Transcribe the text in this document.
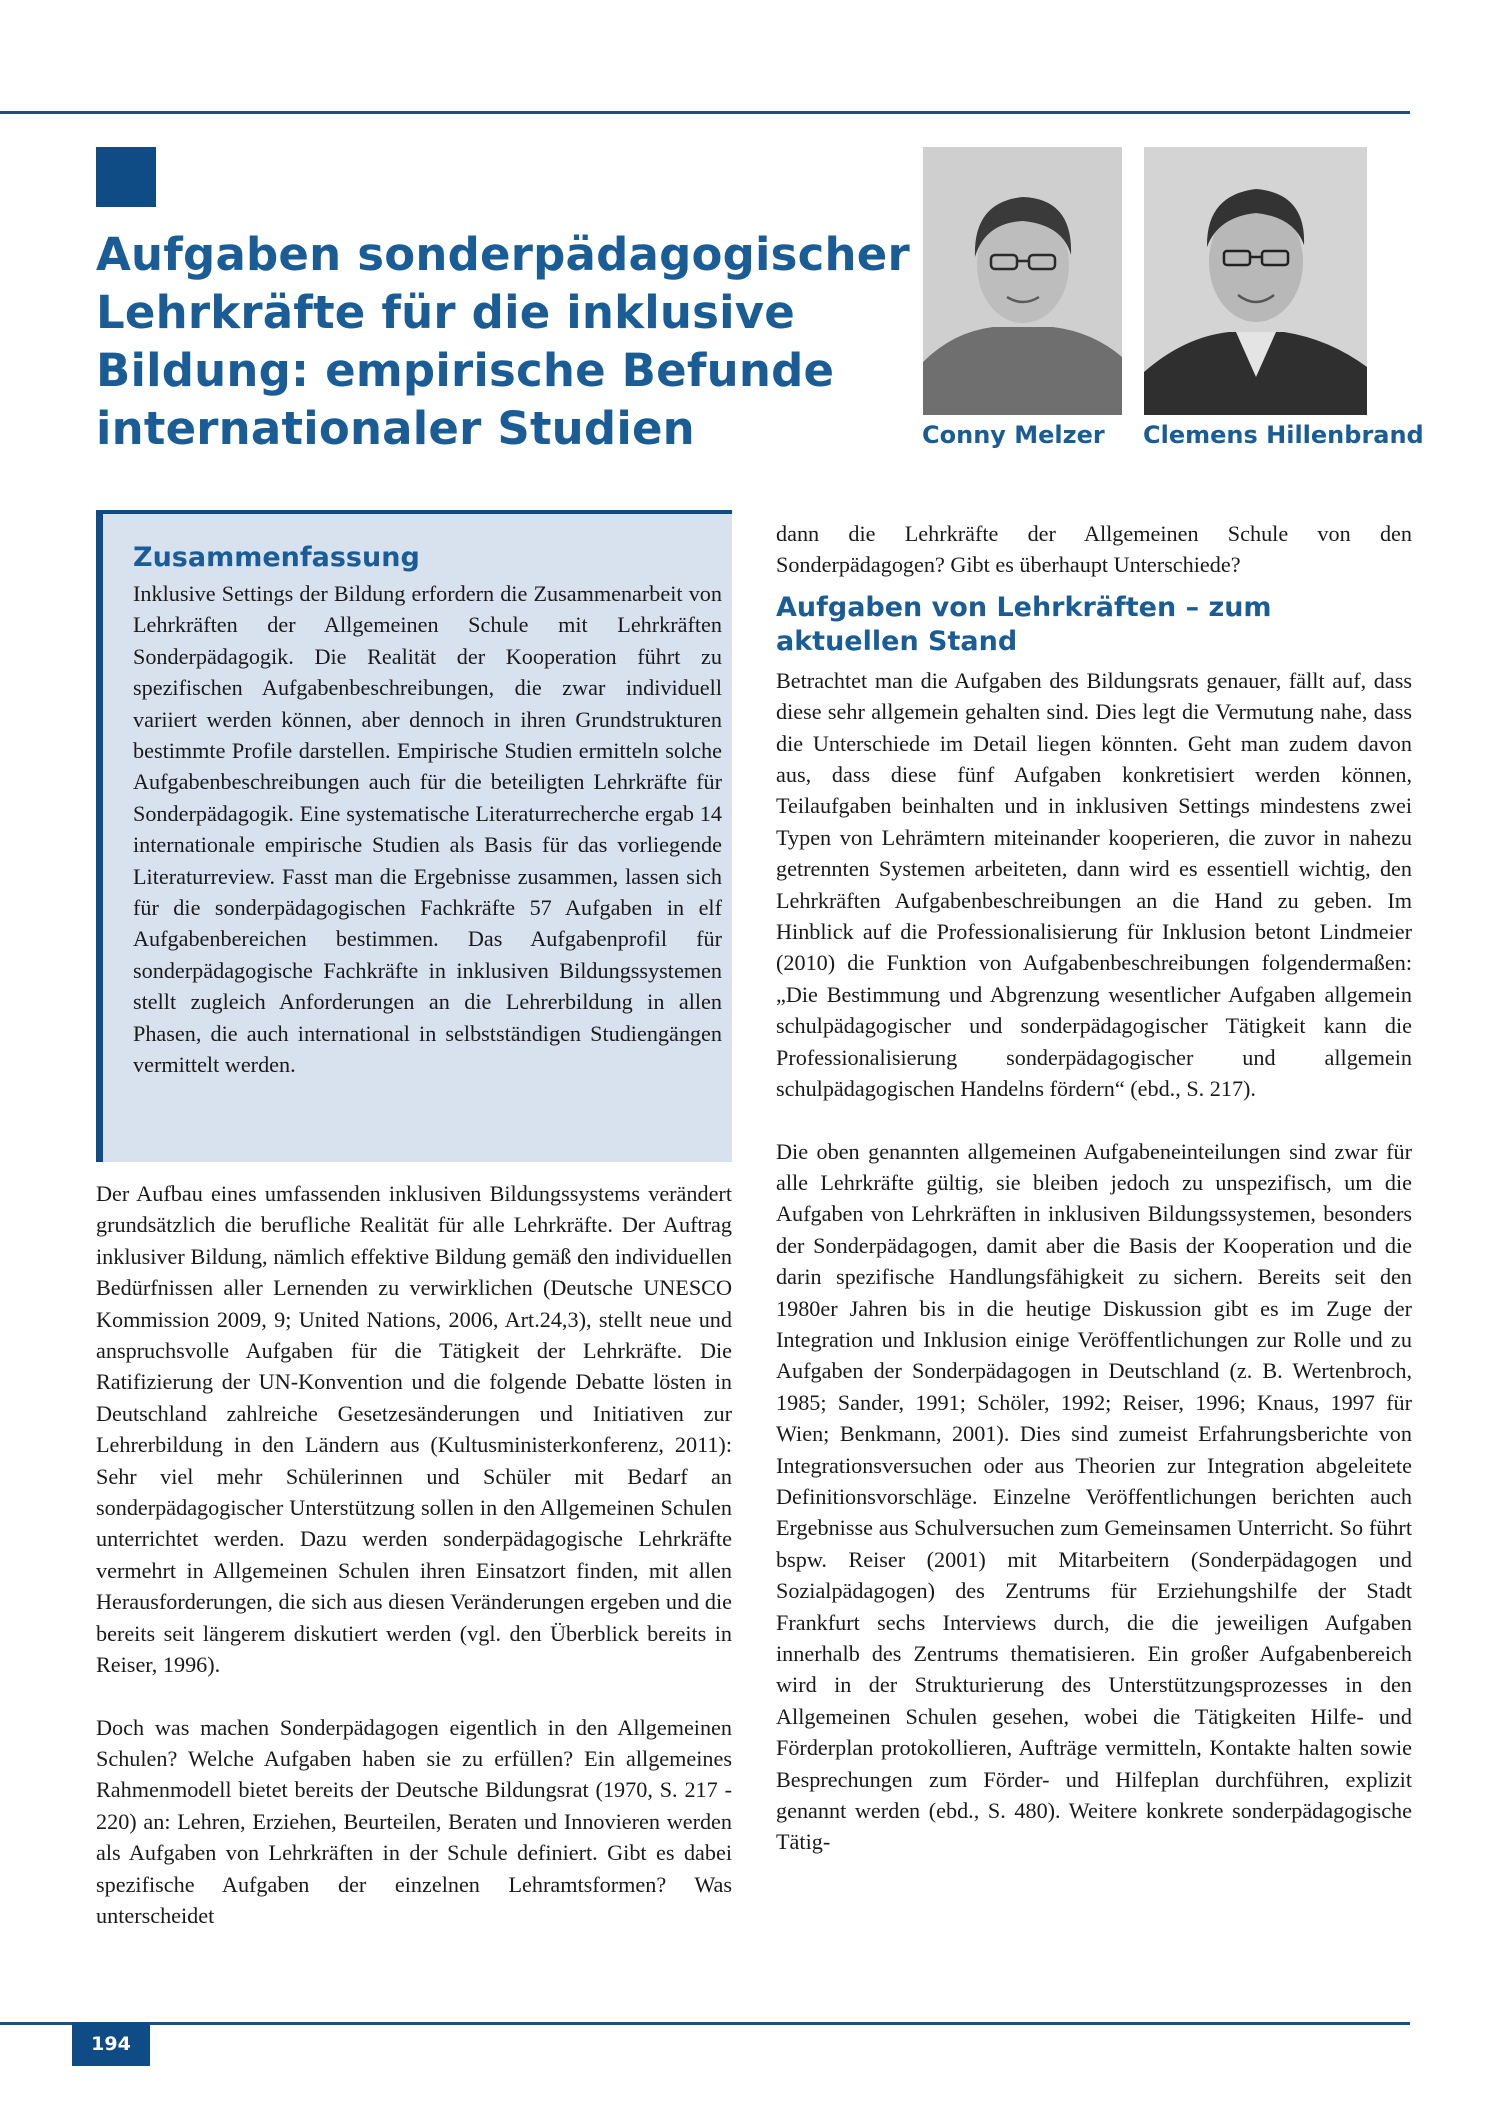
Aufgaben sonderpädagogischer Lehrkräfte für die inklusive Bildung: empirische Befunde internationaler Studien	Conny Melzer Clemens Hillenbrand

Zusammenfassung

Inklusive Settings der Bildung erfordern die Zusammenarbeit von Lehrkräften der Allgemeinen Schule mit Lehrkräften Sonderpädagogik. Die Realität der Kooperation führt zu spezifischen Aufgabenbeschreibungen, die zwar individuell variiert werden können, aber dennoch in ihren Grundstrukturen bestimmte Profile darstellen. Empirische Studien ermitteln solche Aufgabenbeschreibungen auch für die beteiligten Lehrkräfte für Sonderpädagogik. Eine systematische Literaturrecherche ergab 14 internationale empirische Studien als Basis für das vorliegende Literaturreview. Fasst man die Ergebnisse zusammen, lassen sich für die sonderpädagogischen Fachkräfte 57 Aufgaben in elf Aufgabenbereichen bestimmen. Das Aufgabenprofil für sonderpädagogische Fachkräfte in inklusiven Bildungssystemen stellt zugleich Anforderungen an die Lehrerbildung in allen Phasen, die auch international in selbstständigen Studiengängen vermittelt werden.

Der Aufbau eines umfassenden inklusiven Bildungssystems verändert grundsätzlich die berufliche Realität für alle Lehrkräfte. Der Auftrag inklusiver Bildung, nämlich effektive Bildung gemäß den individuellen Bedürfnissen aller Lernenden zu verwirklichen (Deutsche UNESCO Kommission 2009, 9; United Nations, 2006, Art.24,3), stellt neue und anspruchsvolle Aufgaben für die Tätigkeit der Lehrkräfte. Die Ratifizierung der UN-Konvention und die folgende Debatte lösten in Deutschland zahlreiche Gesetzesänderungen und Initiativen zur Lehrerbildung in den Ländern aus (Kultusministerkonferenz, 2011): Sehr viel mehr Schülerinnen und Schüler mit Bedarf an sonderpädagogischer Unterstützung sollen in den Allgemeinen Schulen unterrichtet werden. Dazu werden sonderpädagogische Lehrkräfte vermehrt in Allgemeinen Schulen ihren Einsatzort finden, mit allen Herausforderungen, die sich aus diesen Veränderungen ergeben und die bereits seit längerem diskutiert werden (vgl. den Überblick bereits in Reiser, 1996).

Doch was machen Sonderpädagogen eigentlich in den Allgemeinen Schulen? Welche Aufgaben haben sie zu erfüllen? Ein allgemeines Rahmenmodell bietet bereits der Deutsche Bildungsrat (1970, S. 217 - 220) an: Lehren, Erziehen, Beurteilen, Beraten und Innovieren werden als Aufgaben von Lehrkräften in der Schule definiert. Gibt es dabei spezifische Aufgaben der einzelnen Lehramtsformen? Was unterscheidet

dann die Lehrkräfte der Allgemeinen Schule von den Sonderpädagogen? Gibt es überhaupt Unterschiede?

Aufgaben von Lehrkräften – zum aktuellen Stand

Betrachtet man die Aufgaben des Bildungsrats genauer, fällt auf, dass diese sehr allgemein gehalten sind. Dies legt die Vermutung nahe, dass die Unterschiede im Detail liegen könnten. Geht man zudem davon aus, dass diese fünf Aufgaben konkretisiert werden können, Teilaufgaben beinhalten und in inklusiven Settings mindestens zwei Typen von Lehrämtern miteinander kooperieren, die zuvor in nahezu getrennten Systemen arbeiteten, dann wird es essentiell wichtig, den Lehrkräften Aufgabenbeschreibungen an die Hand zu geben. Im Hinblick auf die Professionalisierung für Inklusion betont Lindmeier (2010) die Funktion von Aufgabenbeschreibungen folgendermaßen: „Die Bestimmung und Abgrenzung wesentlicher Aufgaben allgemein schulpädagogischer und sonderpädagogischer Tätigkeit kann die Professionalisierung sonderpädagogischer und allgemein schulpädagogischen Handelns fördern“ (ebd., S. 217).

Die oben genannten allgemeinen Aufgabeneinteilungen sind zwar für alle Lehrkräfte gültig, sie bleiben jedoch zu unspezifisch, um die Aufgaben von Lehrkräften in inklusiven Bildungssystemen, besonders der Sonderpädagogen, damit aber die Basis der Kooperation und die darin spezifische Handlungsfähigkeit zu sichern. Bereits seit den 1980er Jahren bis in die heutige Diskussion gibt es im Zuge der Integration und Inklusion einige Veröffentlichungen zur Rolle und zu Aufgaben der Sonderpädagogen in Deutschland (z. B. Wertenbroch, 1985; Sander, 1991; Schöler, 1992; Reiser, 1996; Knaus, 1997 für Wien; Benkmann, 2001). Dies sind zumeist Erfahrungsberichte von Integrationsversuchen oder aus Theorien zur Integration abgeleitete Definitionsvorschläge. Einzelne Veröffentlichungen berichten auch Ergebnisse aus Schulversuchen zum Gemeinsamen Unterricht. So führt bspw. Reiser (2001) mit Mitarbeitern (Sonderpädagogen und Sozialpädagogen) des Zentrums für Erziehungshilfe der Stadt Frankfurt sechs Interviews durch, die die jeweiligen Aufgaben innerhalb des Zentrums thematisieren. Ein großer Aufgabenbereich wird in der Strukturierung des Unterstützungsprozesses in den Allgemeinen Schulen gesehen, wobei die Tätigkeiten Hilfe- und Förderplan protokollieren, Aufträge vermitteln, Kontakte halten sowie Besprechungen zum Förder- und Hilfeplan durchführen, explizit genannt werden (ebd., S. 480). Weitere konkrete sonderpädagogische Tätig-

194
